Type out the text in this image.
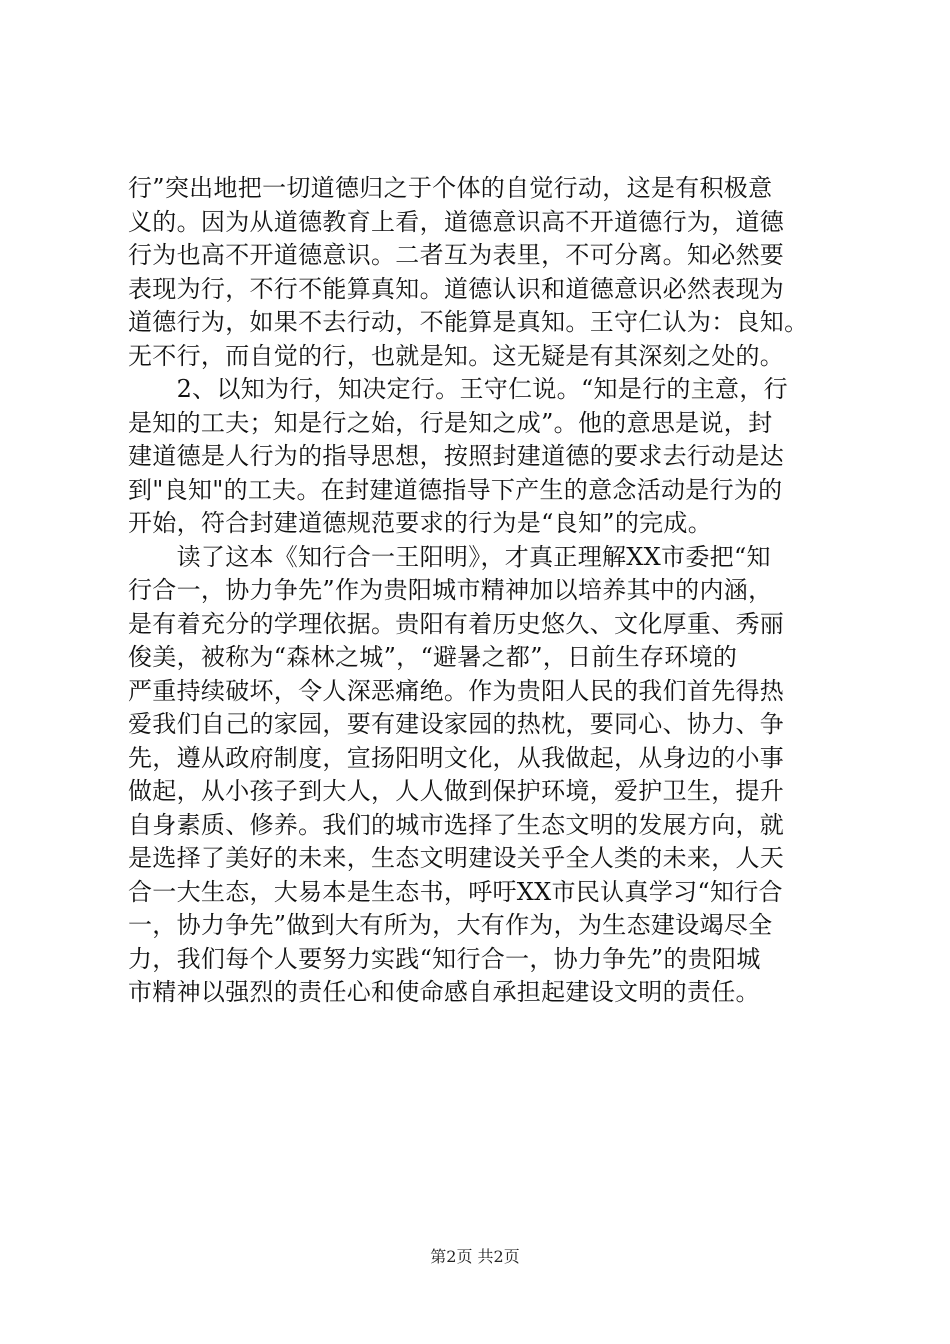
行”突出地把一切道德归之于个体的自觉行动，这是有积极意
义的。因为从道德教育上看，道德意识高不开道德行为，道德
行为也高不开道德意识。二者互为表里，不可分离。知必然要
表现为行，不行不能算真知。道德认识和道德意识必然表现为
道德行为，如果不去行动，不能算是真知。王守仁认为：良知。
无不行，而自觉的行，也就是知。这无疑是有其深刻之处的。
　　2、以知为行，知决定行。王守仁说。“知是行的主意，行
是知的工夫；知是行之始，行是知之成”。他的意思是说，封
建道德是人行为的指导思想，按照封建道德的要求去行动是达
到"良知"的工夫。在封建道德指导下产生的意念活动是行为的
开始，符合封建道德规范要求的行为是“良知”的完成。
　　读了这本《知行合一王阳明》，才真正理解XX市委把“知
行合一，协力争先”作为贵阳城市精神加以培养其中的内涵，
是有着充分的学理依据。贵阳有着历史悠久、文化厚重、秀丽
俊美，被称为“森林之城”，“避暑之都”，日前生存环境的
严重持续破坏，令人深恶痛绝。作为贵阳人民的我们首先得热
爱我们自己的家园，要有建设家园的热枕，要同心、协力、争
先，遵从政府制度，宣扬阳明文化，从我做起，从身边的小事
做起，从小孩子到大人，人人做到保护环境，爱护卫生，提升
自身素质、修养。我们的城市选择了生态文明的发展方向，就
是选择了美好的未来，生态文明建设关乎全人类的未来，人天
合一大生态，大易本是生态书，呼吁XX市民认真学习“知行合
一，协力争先”做到大有所为，大有作为，为生态建设竭尽全
力，我们每个人要努力实践“知行合一，协力争先”的贵阳城
市精神以强烈的责任心和使命感自承担起建设文明的责任。
第2页 共2页
